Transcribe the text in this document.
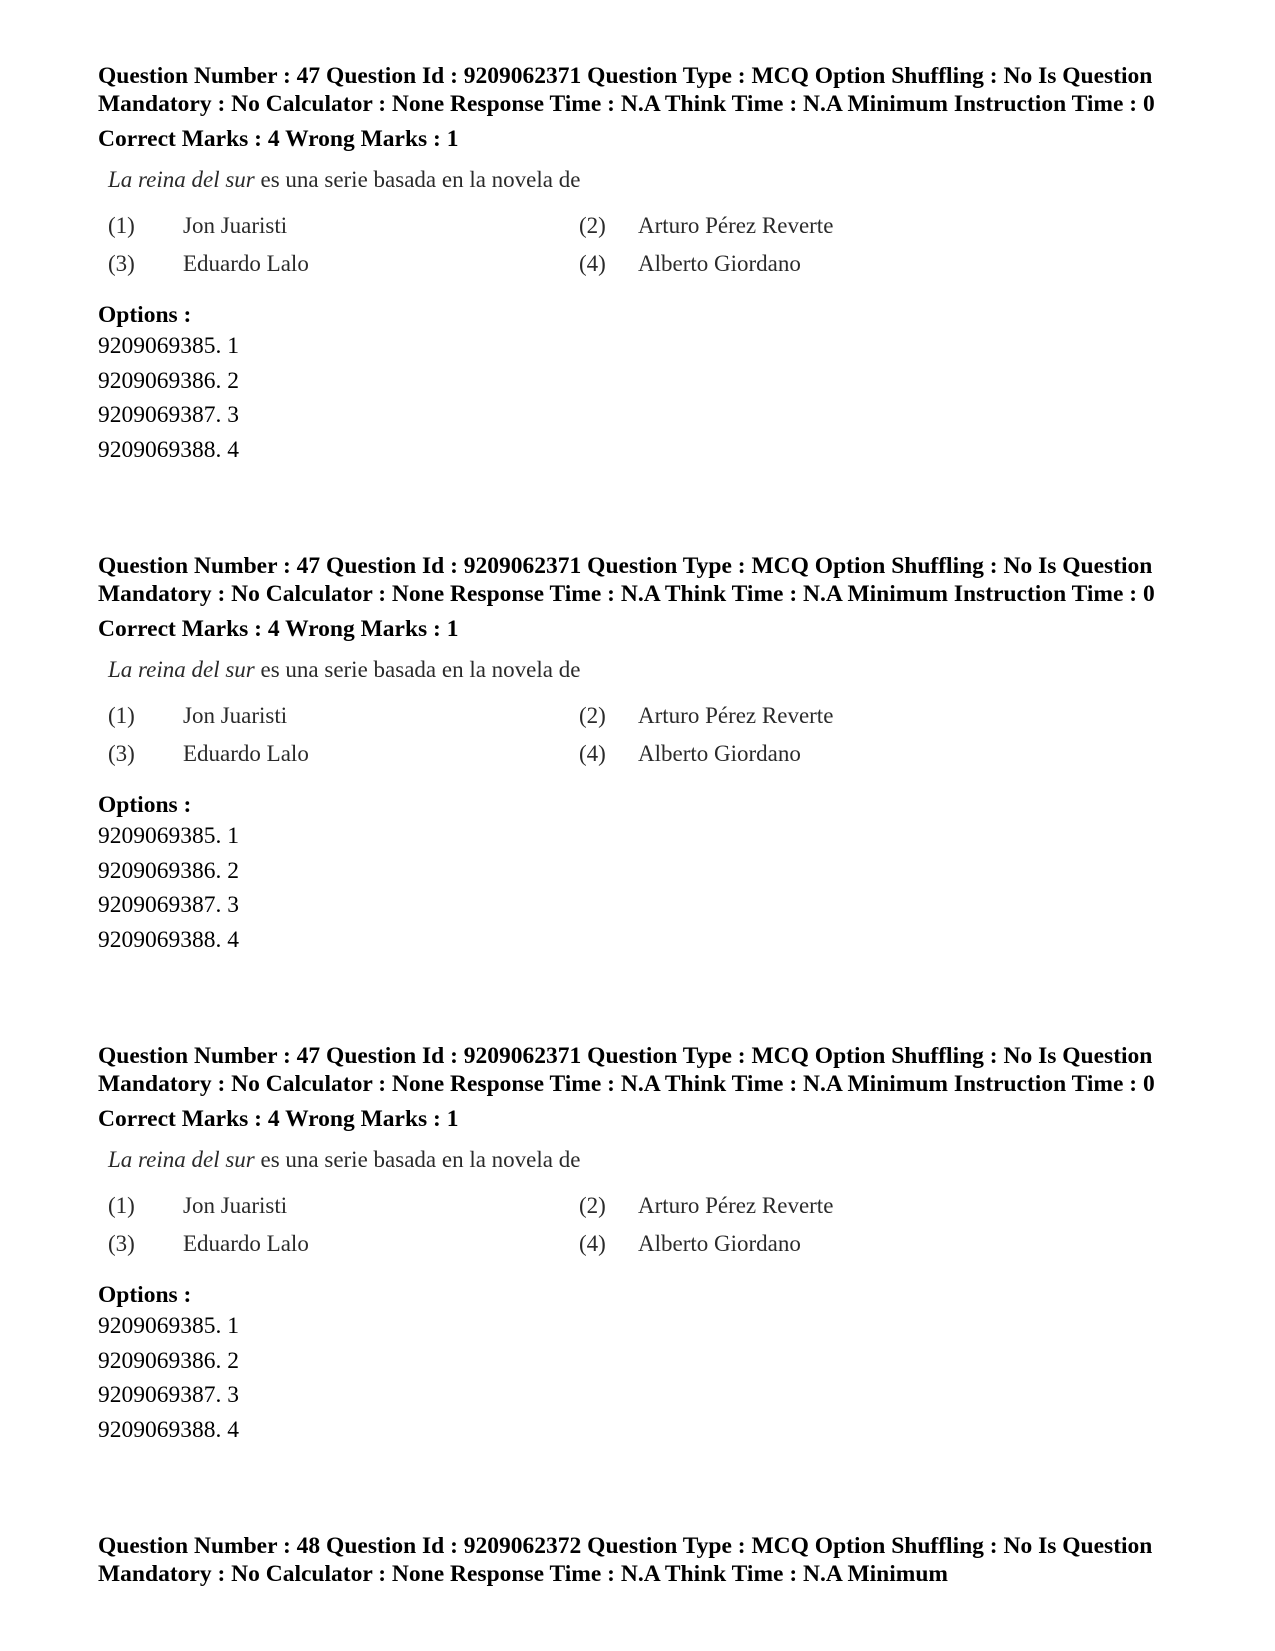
Question Number : 47 Question Id : 9209062371 Question Type : MCQ Option Shuffling : No Is Question Mandatory : No Calculator : None Response Time : N.A Think Time : N.A Minimum Instruction Time : 0

Correct Marks : 4 Wrong Marks : 1
La reina del sur es una serie basada en la novela de
(1)	Jon Juaristi	(2)	Arturo Pérez Reverte
(3)	Eduardo Lalo	(4)	Alberto Giordano
Options :
9209069385. 1
9209069386. 2
9209069387. 3
9209069388. 4

Question Number : 47 Question Id : 9209062371 Question Type : MCQ Option Shuffling : No Is Question Mandatory : No Calculator : None Response Time : N.A Think Time : N.A Minimum Instruction Time : 0

Correct Marks : 4 Wrong Marks : 1
La reina del sur es una serie basada en la novela de
(1)	Jon Juaristi	(2)	Arturo Pérez Reverte
(3)	Eduardo Lalo	(4)	Alberto Giordano
Options :
9209069385. 1
9209069386. 2
9209069387. 3
9209069388. 4

Question Number : 47 Question Id : 9209062371 Question Type : MCQ Option Shuffling : No Is Question Mandatory : No Calculator : None Response Time : N.A Think Time : N.A Minimum Instruction Time : 0

Correct Marks : 4 Wrong Marks : 1
La reina del sur es una serie basada en la novela de
(1)	Jon Juaristi	(2)	Arturo Pérez Reverte
(3)	Eduardo Lalo	(4)	Alberto Giordano
Options :
9209069385. 1
9209069386. 2
9209069387. 3
9209069388. 4

Question Number : 48 Question Id : 9209062372 Question Type : MCQ Option Shuffling : No Is Question Mandatory : No Calculator : None Response Time : N.A Think Time : N.A Minimum
